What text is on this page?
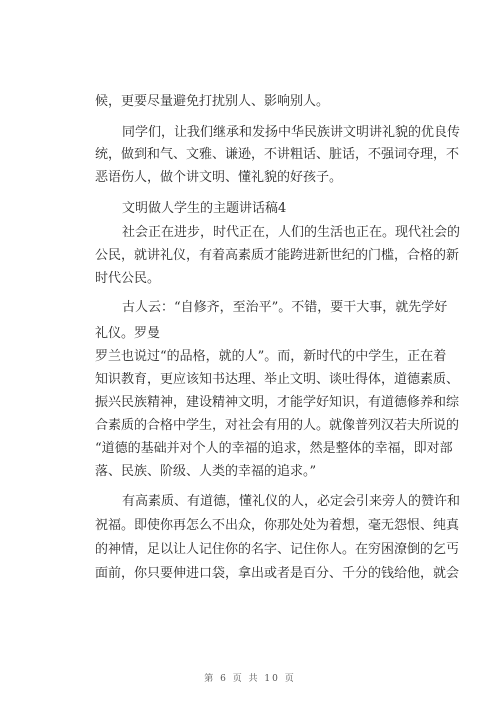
候，更要尽量避免打扰别人、影响别人。
同学们，让我们继承和发扬中华民族讲文明讲礼貌的优良传
统，做到和气、文雅、谦逊，不讲粗话、脏话，不强词夺理，不
恶语伤人，做个讲文明、懂礼貌的好孩子。
文明做人学生的主题讲话稿4
社会正在进步，时代正在，人们的生活也正在。现代社会的
公民，就讲礼仪，有着高素质才能跨进新世纪的门槛，合格的新
时代公民。
古人云：“自修齐，至治平”。不错，要干大事，就先学好
礼仪。罗曼
罗兰也说过“的品格，就的人”。而，新时代的中学生，正在着
知识教育，更应该知书达理、举止文明、谈吐得体，道德素质、
振兴民族精神，建设精神文明，才能学好知识，有道德修养和综
合素质的合格中学生，对社会有用的人。就像普列汉若夫所说的
“道德的基础并对个人的幸福的追求，然是整体的幸福，即对部
落、民族、阶级、人类的幸福的追求。”
有高素质、有道德，懂礼仪的人，必定会引来旁人的赞许和
祝福。即使你再怎么不出众，你那处处为着想，毫无怨恨、纯真
的神情，足以让人记住你的名字、记住你人。在穷困潦倒的乞丐
面前，你只要伸进口袋，拿出或者是百分、千分的钱给他，就会
第 6 页 共 10 页
